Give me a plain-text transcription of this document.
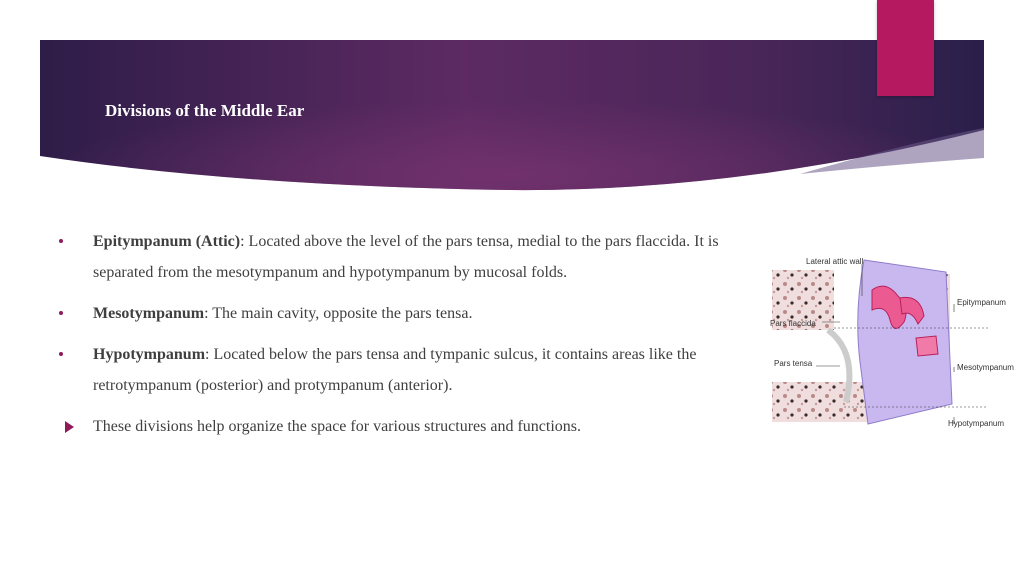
Divisions of the Middle Ear
Epitympanum (Attic): Located above the level of the pars tensa, medial to the pars flaccida. It is separated from the mesotympanum and hypotympanum by mucosal folds.
Mesotympanum: The main cavity, opposite the pars tensa.
Hypotympanum: Located below the pars tensa and tympanic sulcus, it contains areas like the retrotympanum (posterior) and protympanum (anterior).
These divisions help organize the space for various structures and functions.
Lateral attic wall
Pars flaccida
Pars tensa
Epitympanum
Mesotympanum
Hypotympanum
